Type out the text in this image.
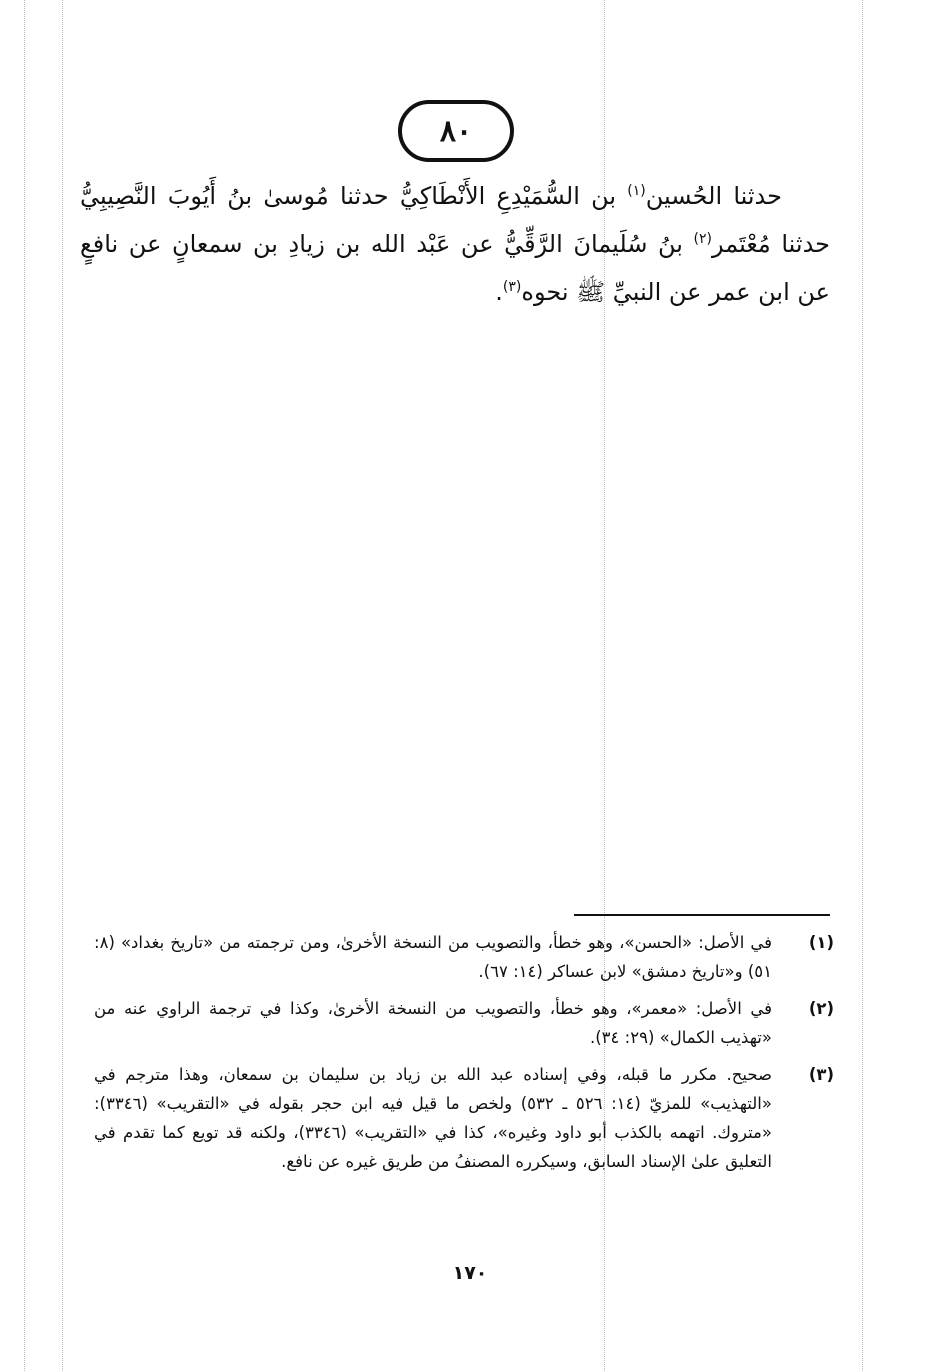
٨٠
حدثنا الحُسين$^{(١)}$ بن السُّمَيْدِعِ الأَنْطَاكِيُّ حدثنا مُوسىٰ بنُ أَيُوبَ النَّصِيبِيُّ
حدثنا مُعْتَمر$^{(٢)}$ بنُ سُلَيمانَ الرَّقِّيُّ عن عَبْد الله بن زيادِ بن سمعانٍ عن نافعٍ
عن ابن عمر عن النبيِّ ﷺ نحوه$^{(٣)}$.
(١)
في الأصل: «الحسن»، وهو خطأ، والتصويب من النسخة الأخرىٰ، ومن ترجمته من «تاريخ بغداد» (٨: ٥١) و«تاريخ دمشق» لابن عساكر (١٤: ٦٧).
(٢)
في الأصل: «معمر»، وهو خطأ، والتصويب من النسخة الأخرىٰ، وكذا في ترجمة الراوي عنه من «تهذيب الكمال» (٢٩: ٣٤).
(٣)
صحيح. مكرر ما قبله، وفي إسناده عبد الله بن زياد بن سليمان بن سمعان، وهذا مترجم في «التهذيب» للمزيّ (١٤: ٥٢٦ ـ ٥٣٢) ولخص ما قيل فيه ابن حجر بقوله في «التقريب» (٣٣٤٦): «متروك. اتهمه بالكذب أبو داود وغيره»، كذا في «التقريب» (٣٣٤٦)، ولكنه قد تويع كما تقدم في التعليق علىٰ الإسناد السابق، وسيكرره المصنفُ من طريق غيره عن نافع.
١٧٠
